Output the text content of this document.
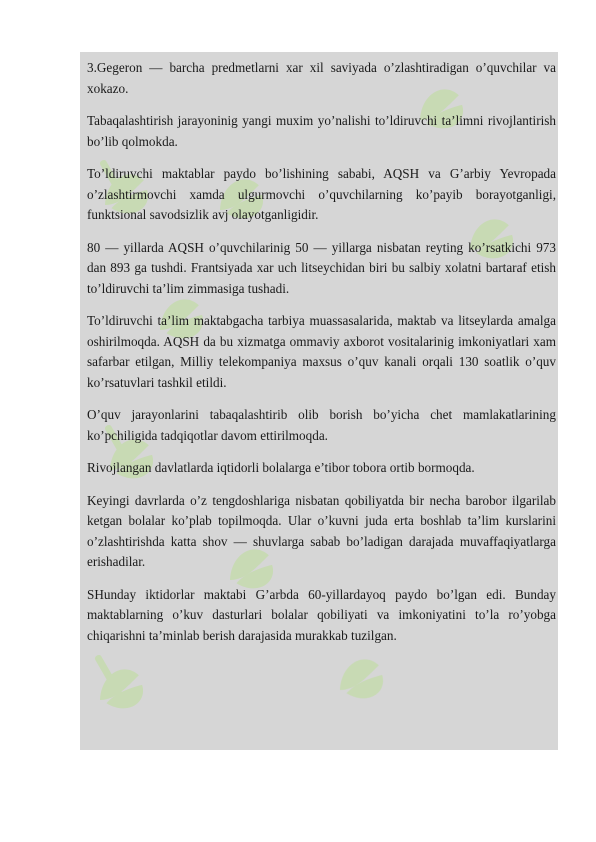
3.Gegeron — barcha predmetlarni xar xil saviyada o’zlashtiradigan o’quvchilar va xokazo.

Tabaqalashtirish jarayoninig yangi muxim yo’nalishi to’ldiruvchi ta’limni rivojlantirish bo’lib qolmokda.

To’ldiruvchi maktablar paydo bo’lishining sababi, AQSH va G’arbiy Yevropada o’zlashtirmovchi xamda ulgurmovchi o’quvchilarning ko’payib borayotganligi, funktsional savodsizlik avj olayotganligidir.

80 — yillarda AQSH o’quvchilarinig 50 — yillarga nisbatan reyting ko’rsatkichi 973 dan 893 ga tushdi. Frantsiyada xar uch litseychidan biri bu salbiy xolatni bartaraf etish to’ldiruvchi ta’lim zimmasiga tushadi.

To’ldiruvchi ta’lim maktabgacha tarbiya muassasalarida, maktab va litseylarda amalga oshirilmoqda. AQSH da bu xizmatga ommaviy axborot vositalarinig imkoniyatlari xam safarbar etilgan, Milliy telekompaniya maxsus o’quv kanali orqali 130 soatlik o’quv ko’rsatuvlari tashkil etildi.

O’quv jarayonlarini tabaqalashtirib olib borish bo’yicha chet mamlakatlarining ko’pchiligida tadqiqotlar davom ettirilmoqda.

Rivojlangan davlatlarda iqtidorli bolalarga e’tibor tobora ortib bormoqda.

Keyingi davrlarda o’z tengdoshlariga nisbatan qobiliyatda bir necha barobor ilgarilab ketgan bolalar ko’plab topilmoqda. Ular o’kuvni juda erta boshlab ta’lim kurslarini o’zlashtirishda katta shov — shuvlarga sabab bo’ladigan darajada muvaffaqiyatlarga erishadilar.

SHunday iktidorlar maktabi G’arbda 60-yillardayoq paydo bo’lgan edi. Bunday maktablarning o’kuv dasturlari bolalar qobiliyati va imkoniyatini to’la ro’yobga chiqarishni ta’minlab berish darajasida murakkab tuzilgan.
